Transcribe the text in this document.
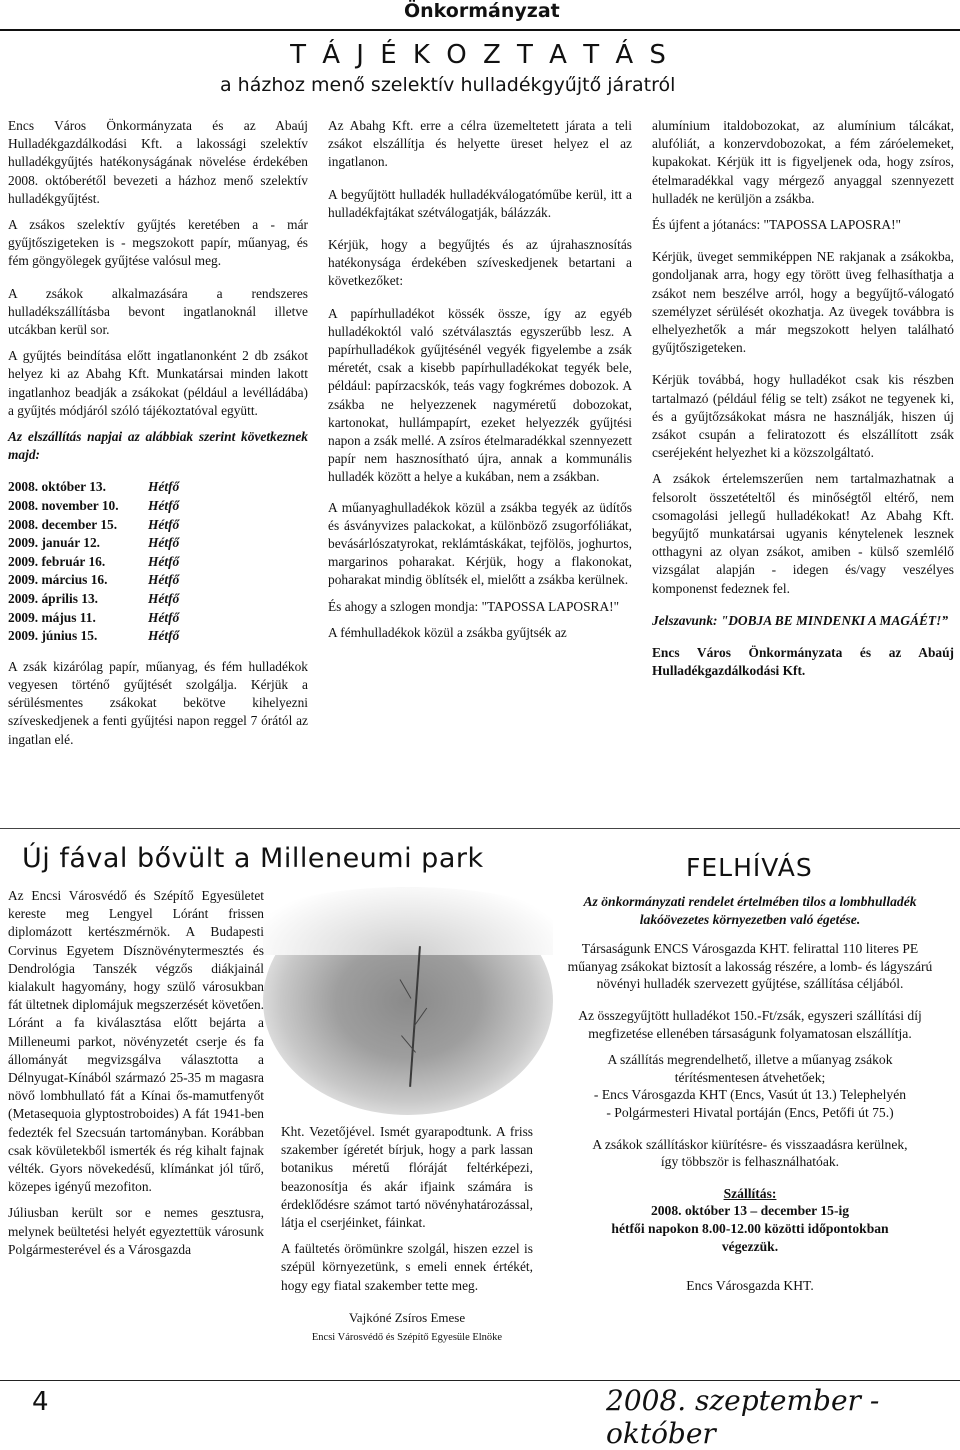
Önkormányzat
T Á J É K O Z T A T Á S
a házhoz menő szelektív hulladékgyűjtő járatról

Encs Város Önkormányzata és az Abaúj Hulladékgazdálkodási Kft. a lakossági szelektív hulladékgyűjtés hatékonyságának növelése érdekében 2008. októberétől bevezeti a házhoz menő szelektív hulladékgyűjtést.

A zsákos szelektív gyűjtés keretében a - már gyűjtőszigeteken is - megszokott papír, műanyag, és fém göngyölegek gyűjtése valósul meg.

A zsákok alkalmazására a rendszeres hulladékszállításba bevont ingatlanoknál illetve utcákban kerül sor.

A gyűjtés beindítása előtt ingatlanonként 2 db zsákot helyez ki az Abahg Kft. Munkatársai minden lakott ingatlanhoz beadják a zsákokat (például a levélládába) a gyűjtés módjáról szóló tájékoztatóval együtt.

Az elszállítás napjai az alábbiak szerint következnek majd:

2008. október 13.	Hétfő
2008. november 10. Hétfő
2008. december 15. Hétfő
2009. január 12.	Hétfő
2009. február 16.	Hétfő
2009. március 16.	Hétfő
2009. április 13.	Hétfő
2009. május 11.	Hétfő
2009. június 15.	Hétfő

A zsák kizárólag papír, műanyag, és fém hulladékok vegyesen történő gyűjtését szolgálja. Kérjük a sérülésmentes zsákokat bekötve kihelyezni szíveskedjenek a fenti gyűjtési napon reggel 7 órától az ingatlan elé.

Az Abahg Kft. erre a célra üzemeltetett járata a teli zsákot elszállítja és helyette üreset helyez el az ingatlanon.

A begyűjtött hulladék hulladékválogatóműbe kerül, itt a hulladékfajtákat szétválogatják, bálázzák.

Kérjük, hogy a begyűjtés és az újrahasznosítás hatékonysága érdekében szíveskedjenek betartani a következőket:

A papírhulladékot kössék össze, így az egyéb hulladékoktól való szétválasztás egyszerűbb lesz. A papírhulladékok gyűjtésénél vegyék figyelembe a zsák méretét, csak a kisebb papírhulladékokat tegyék bele, például: papírzacskók, teás vagy fogkrémes dobozok. A zsákba ne helyezzenek nagyméretű dobozokat, kartonokat, hullámpapírt, ezeket helyezzék gyűjtési napon a zsák mellé. A zsíros ételmaradékkal szennyezett papír nem hasznosítható újra, annak a kommunális hulladék között a helye a kukában, nem a zsákban.

A műanyaghulladékok közül a zsákba tegyék az üdítős és ásványvizes palackokat, a különböző zsugorfóliákat, bevásárlószatyrokat, reklámtáskákat, tejfölös, joghurtos, margarinos poharakat. Kérjük, hogy a flakonokat, poharakat mindig öblítsék el, mielőtt a zsákba kerülnek.

És ahogy a szlogen mondja: "TAPOSSA LAPOSRA!"

A fémhulladékok közül a zsákba gyűjtsék az

alumínium italdobozokat, az alumínium tálcákat, alufóliát, a konzervdobozokat, a fém záróelemeket, kupakokat. Kérjük itt is figyeljenek oda, hogy zsíros, ételmaradékkal vagy mérgező anyaggal szennyezett hulladék ne kerüljön a zsákba.

És újfent a jótanács: "TAPOSSA LAPOSRA!"

Kérjük, üveget semmiképpen NE rakjanak a zsákokba, gondoljanak arra, hogy egy törött üveg felhasíthatja a zsákot nem beszélve arról, hogy a begyűjtő-válogató személyzet sérülését okozhatja. Az üvegek továbbra is elhelyezhetők a már megszokott helyen található gyűjtőszigeteken.

Kérjük továbbá, hogy hulladékot csak kis részben tartalmazó (például félig se telt) zsákot ne tegyenek ki, és a gyűjtőzsákokat másra ne használják, hiszen új zsákot csupán a feliratozott és elszállított zsák cseréjeként helyezhet ki a közszolgáltató.

A zsákok értelemszerűen nem tartalmazhatnak a felsorolt összetételtől és minőségtől eltérő, nem csomagolási jellegű hulladékokat! Az Abahg Kft. begyűjtő munkatársai ugyanis kénytelenek lesznek otthagyni az olyan zsákot, amiben - külső szemlélő vizsgálat alapján - idegen és/vagy veszélyes komponenst fedeznek fel.

Jelszavunk: "DOBJA BE MINDENKI A MAGÁÉT!”

Encs Város Önkormányzata és az Abaúj Hulladékgazdálkodási Kft.

Új fával bővült a Milleneumi park

Az Encsi Városvédő és Szépítő Egyesületet kereste meg Lengyel Lóránt frissen diplomázott kertészmérnök. A Budapesti Corvinus Egyetem Dísznövénytermesztés és Dendrológia Tanszék végzős diákjainál kialakult hagyomány, hogy szülő városukban fát ültetnek diplomájuk megszerzését követően. Lóránt a fa kiválasztása előtt bejárta a Milleneumi parkot, növényzetét cserje és fa állományát megvizsgálva választotta a Délnyugat-Kínából származó 25-35 m magasra növő lombhullató fát a Kínai ős-mamutfenyőt (Metasequoia glyptostroboides) A fát 1941-ben fedezték fel Szecsuán tartományban. Korábban csak kövületekből ismerték és rég kihalt fajnak vélték. Gyors növekedésű, klímánkat jól tűrő, közepes igényű mezofiton.

Júliusban került sor e nemes gesztusra, melynek beültetési helyét egyeztettük városunk Polgármesterével és a Városgazda

Kht. Vezetőjével. Ismét gyarapodtunk. A friss szakember ígéretét bírjuk, hogy a park lassan botanikus méretű flóráját feltérképezi, beazonosítja és akár ifjaink számára is érdeklődésre számot tartó növényhatározással, látja el cserjéinket, fáinkat.

A faültetés örömünkre szolgál, hiszen ezzel is szépül környezetünk, s emeli ennek értékét, hogy egy fiatal szakember tette meg.

Vajkóné Zsíros Emese
Encsi Városvédő és Szépítő Egyesüle Elnöke
FELHÍVÁS

Az önkormányzati rendelet értelmében tilos a lombhulladék lakóövezetes környezetben való égetése.

Társaságunk ENCS Városgazda KHT. felirattal 110 literes PE műanyag zsákokat biztosít a lakosság részére, a lomb- és lágyszárú növényi hulladék szervezett gyűjtése, szállítása céljából.

Az összegyűjtött hulladékot 150.-Ft/zsák, egyszeri szállítási díj megfizetése ellenében társaságunk folyamatosan elszállítja.

A szállítás megrendelhető, illetve a műanyag zsákok térítésmentesen átvehetőek;

- Encs Városgazda KHT (Encs, Vasút út 13.) Telephelyén

- Polgármesteri Hivatal portáján (Encs, Petőfi út 75.)

A zsákok szállításkor kiürítésre- és visszaadásra kerülnek, így többször is felhasználhatóak.

Szállítás:
2008. október 13 – december 15-ig
hétfői napokon 8.00-12.00 közötti időpontokban végezzük.

Encs Városgazda KHT.

4	2008. szeptember - október
